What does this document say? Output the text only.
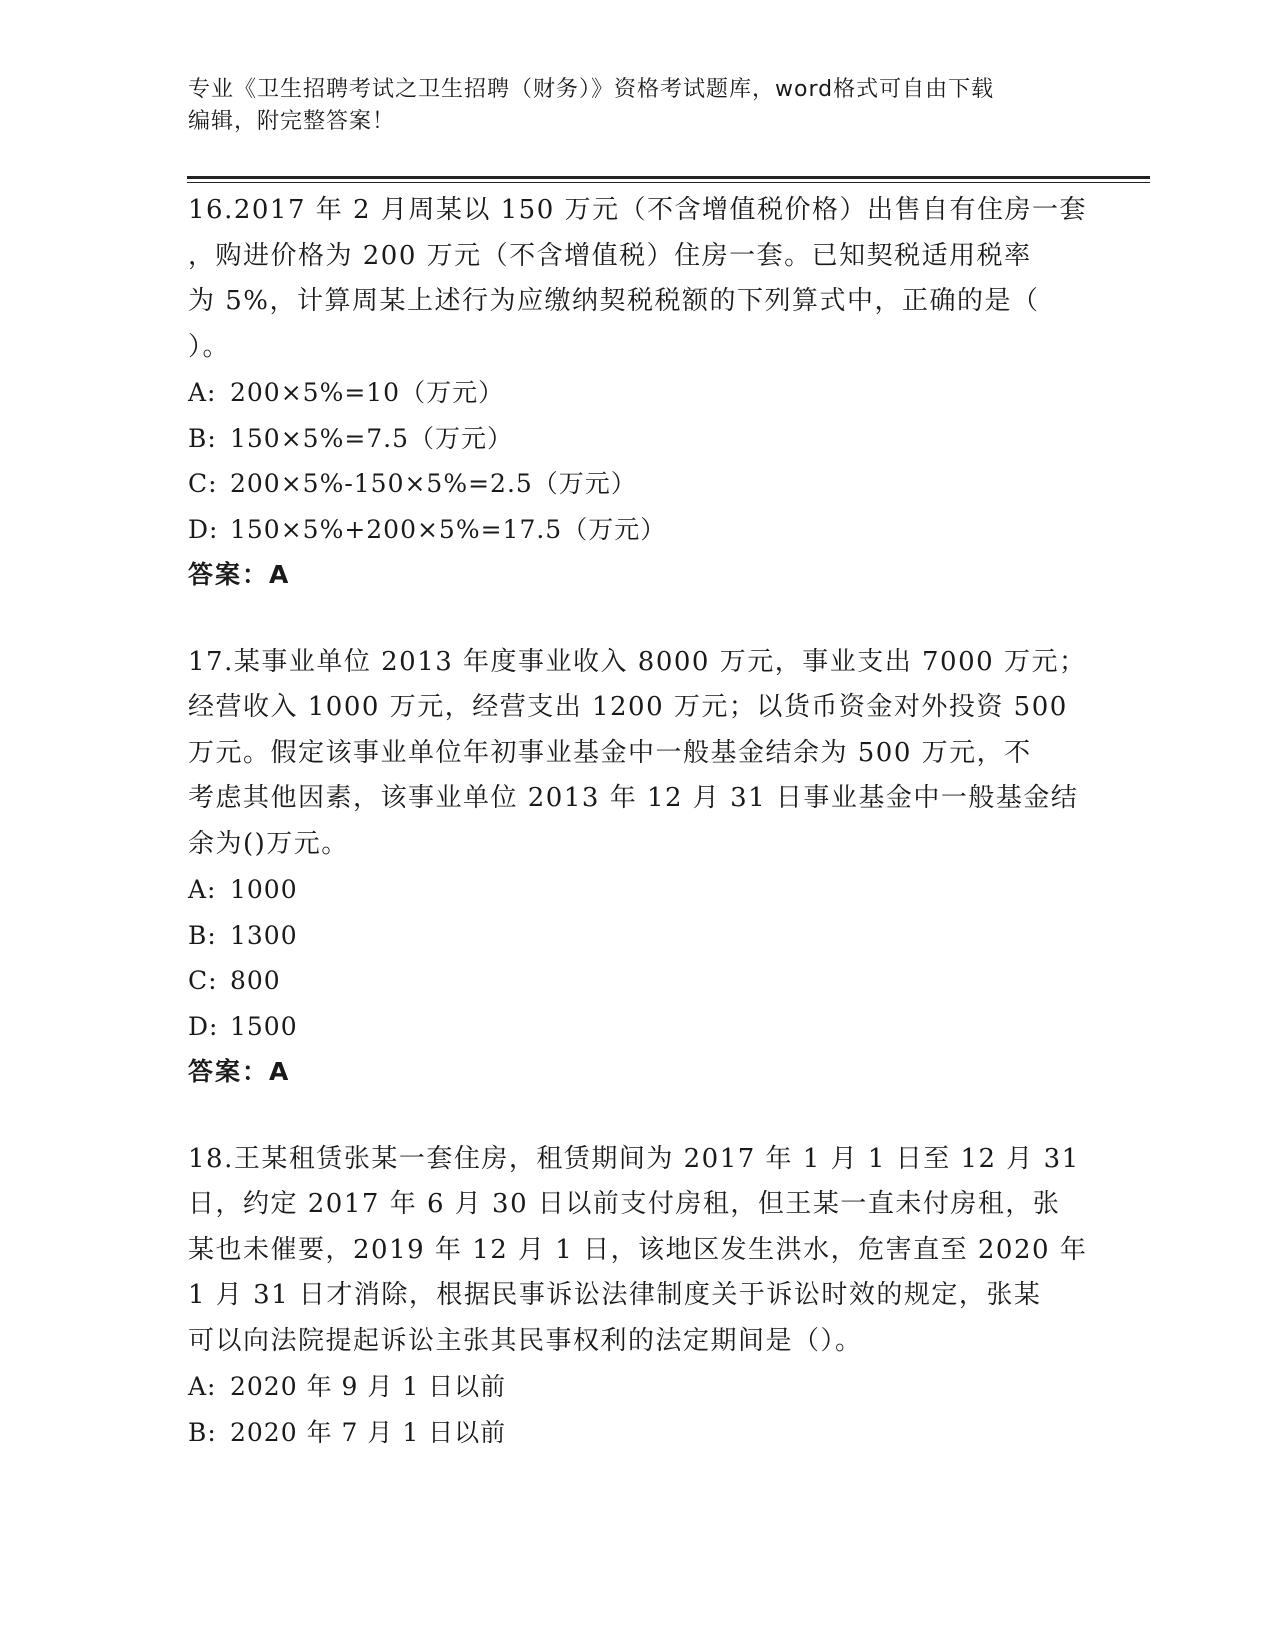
专业《卫生招聘考试之卫生招聘（财务）》资格考试题库，word格式可自由下载
编辑，附完整答案！
16.2017 年 2 月周某以 150 万元（不含增值税价格）出售自有住房一套
，购进价格为 200 万元（不含增值税）住房一套。已知契税适用税率
为 5%，计算周某上述行为应缴纳契税税额的下列算式中，正确的是（
）。
A: 200×5%=10（万元）
B: 150×5%=7.5（万元）
C: 200×5%-150×5%=2.5（万元）
D: 150×5%+200×5%=17.5（万元）
答案：A
17.某事业单位 2013 年度事业收入 8000 万元，事业支出 7000 万元；
经营收入 1000 万元，经营支出 1200 万元；以货币资金对外投资 500
万元。假定该事业单位年初事业基金中一般基金结余为 500 万元，不
考虑其他因素，该事业单位 2013 年 12 月 31 日事业基金中一般基金结
余为()万元。
A: 1000
B: 1300
C: 800
D: 1500
答案：A
18.王某租赁张某一套住房，租赁期间为 2017 年 1 月 1 日至 12 月 31
日，约定 2017 年 6 月 30 日以前支付房租，但王某一直未付房租，张
某也未催要，2019 年 12 月 1 日，该地区发生洪水，危害直至 2020 年
1 月 31 日才消除，根据民事诉讼法律制度关于诉讼时效的规定，张某
可以向法院提起诉讼主张其民事权利的法定期间是（）。
A: 2020 年 9 月 1 日以前
B: 2020 年 7 月 1 日以前
